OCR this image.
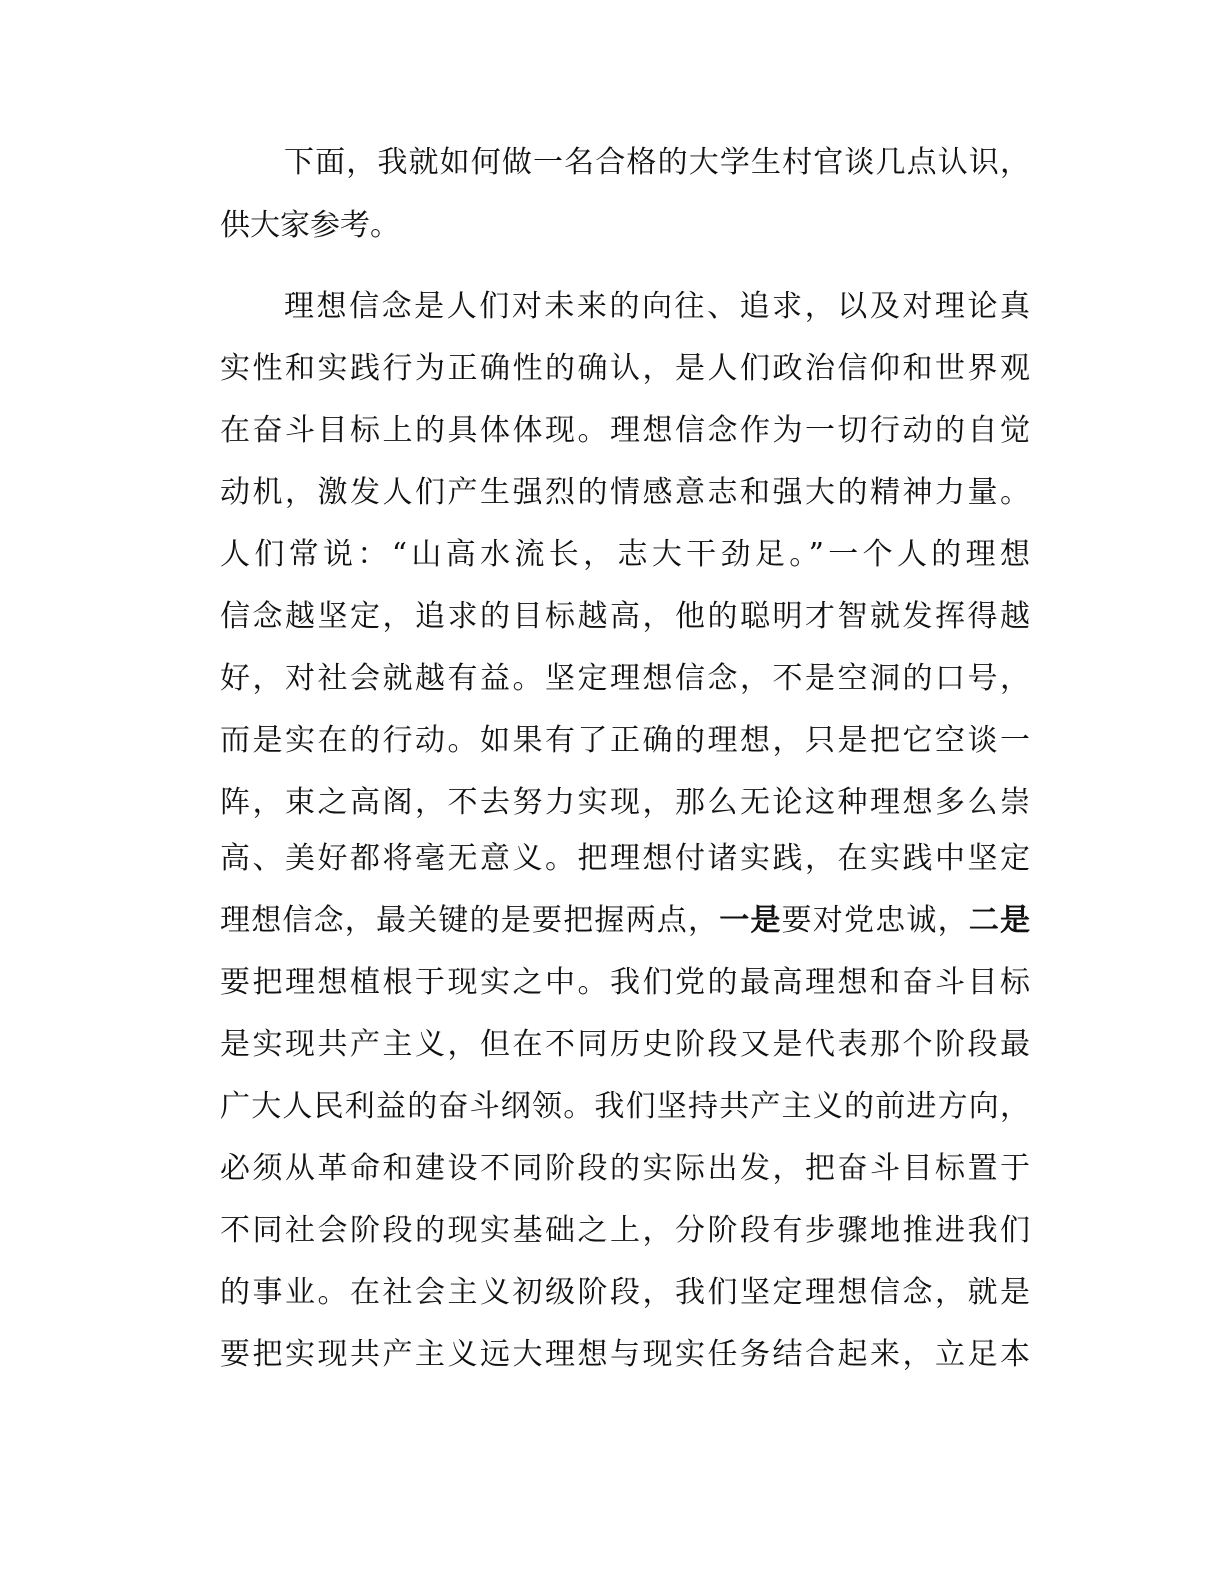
下面，我就如何做一名合格的大学生村官谈几点认识，
供大家参考。
理想信念是人们对未来的向往、追求，以及对理论真
实性和实践行为正确性的确认，是人们政治信仰和世界观
在奋斗目标上的具体体现。理想信念作为一切行动的自觉
动机，激发人们产生强烈的情感意志和强大的精神力量。
人们常说：“山高水流长，志大干劲足。”一个人的理想
信念越坚定，追求的目标越高，他的聪明才智就发挥得越
好，对社会就越有益。坚定理想信念，不是空洞的口号，
而是实在的行动。如果有了正确的理想，只是把它空谈一
阵，束之高阁，不去努力实现，那么无论这种理想多么崇
高、美好都将毫无意义。把理想付诸实践，在实践中坚定
理想信念，最关键的是要把握两点，一是要对党忠诚，二是
要把理想植根于现实之中。我们党的最高理想和奋斗目标
是实现共产主义，但在不同历史阶段又是代表那个阶段最
广大人民利益的奋斗纲领。我们坚持共产主义的前进方向，
必须从革命和建设不同阶段的实际出发，把奋斗目标置于
不同社会阶段的现实基础之上，分阶段有步骤地推进我们
的事业。在社会主义初级阶段，我们坚定理想信念，就是
要把实现共产主义远大理想与现实任务结合起来，立足本
